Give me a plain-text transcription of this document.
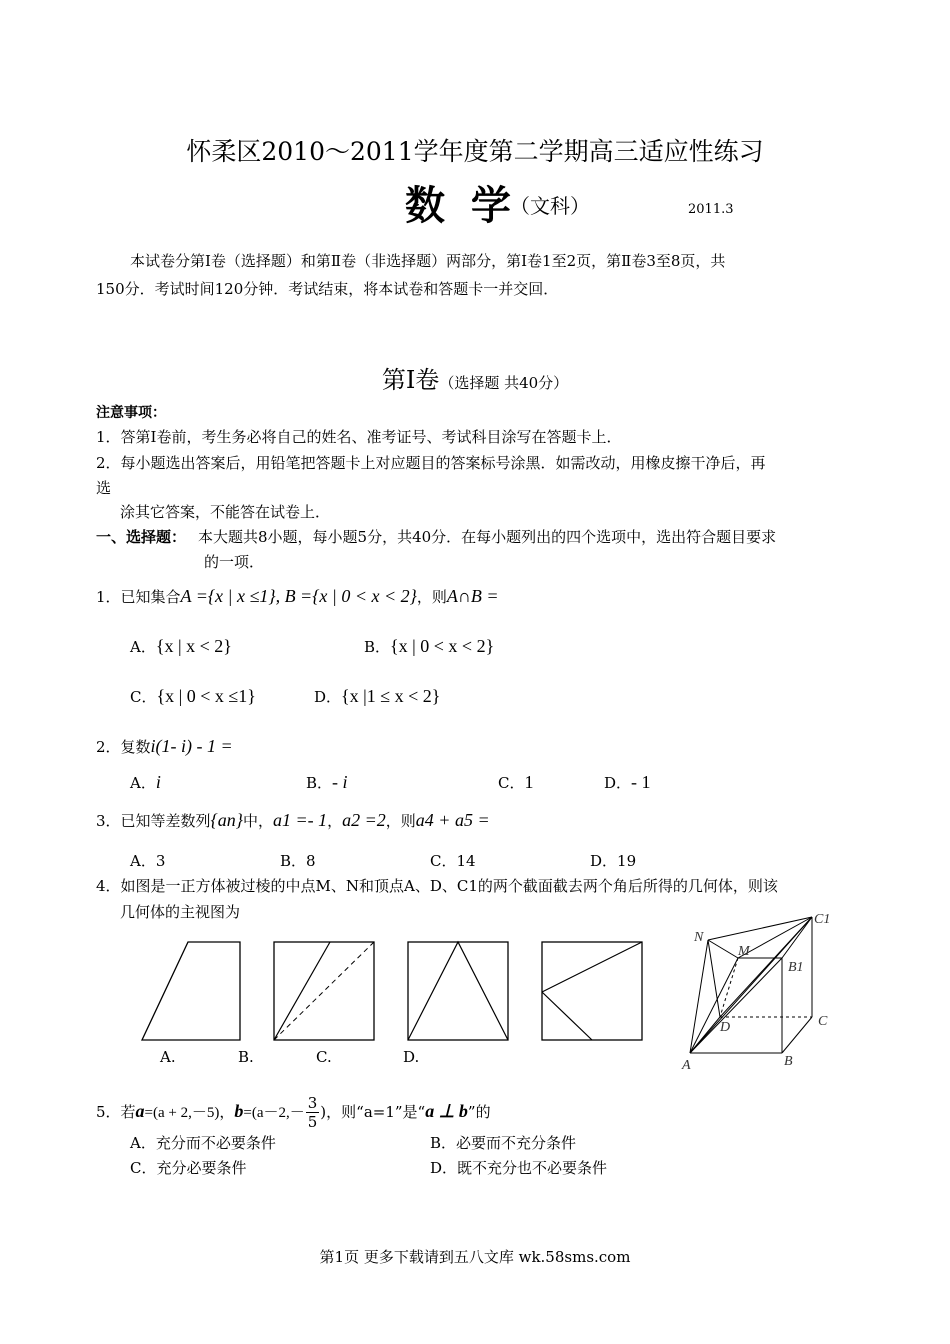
怀柔区2010～2011学年度第二学期高三适应性练习
数 学
（文科）	2011.3
本试卷分第Ⅰ卷（选择题）和第Ⅱ卷（非选择题）两部分，第Ⅰ卷1至2页，第Ⅱ卷3至8页，共
150分．考试时间120分钟．考试结束，将本试卷和答题卡一并交回．
第Ⅰ卷（选择题 共40分）
注意事项：
1．答第Ⅰ卷前，考生务必将自己的姓名、准考证号、考试科目涂写在答题卡上．
2．每小题选出答案后，用铅笔把答题卡上对应题目的答案标号涂黑．如需改动，用橡皮擦干净后，再
选
涂其它答案，不能答在试卷上．
一、选择题： 本大题共8小题，每小题5分，共40分．在每小题列出的四个选项中，选出符合题目要求
的一项．
1．已知集合A ={x | x ≤1}, B ={x | 0 < x < 2}，则A∩B =
A．{x | x < 2}	B．{x | 0 < x < 2}
C．{x | 0 < x ≤1}	D．{x |1 ≤ x < 2}
2．复数i(1- i) - 1 =
A．i	B．- i	C．1	D．- 1
3．已知等差数列{an}中，a1 =- 1，a2 =2，则a4 + a5 =
A．3	B．8	C．14	D．19
4．如图是一正方体被过棱的中点M、N和顶点A、D、C1的两个截面截去两个角后所得的几何体，则该
几何体的主视图为
A.	B.	C.	D.
N
M
C1
B1
D	C
A	B
5．若a=(a + 2,－5)，$b=(a-2,- \frac{3}{5}$ )，则“a=1”是“a ⊥ b”的
A．充分而不必要条件	B．必要而不充分条件
C．充分必要条件	D．既不充分也不必要条件
第1页 更多下载请到五八文库 wk.58sms.com
